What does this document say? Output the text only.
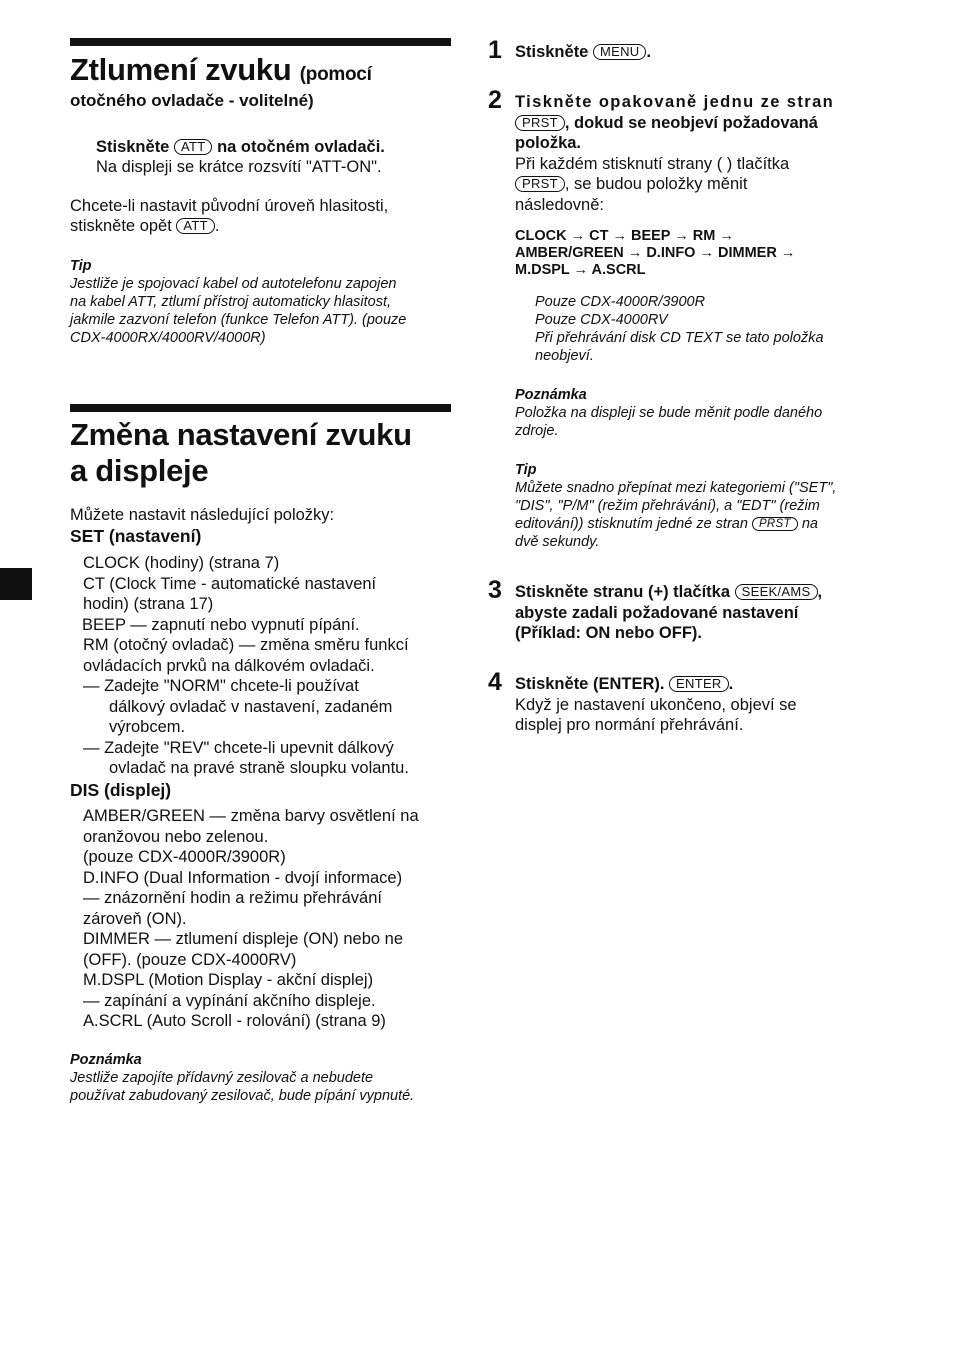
Ztlumení zvuku (pomocí
otočného ovladače - volitelné)
Stiskněte ATT na otočném ovladači.
Na displeji se krátce rozsvítí "ATT-ON".
Chcete-li nastavit původní úroveň hlasitosti,
stiskněte opět ATT .
Tip
Jestliže je spojovací kabel od autotelefonu zapojen
na kabel ATT, ztlumí přístroj automaticky hlasitost,
jakmile zazvoní telefon (funkce Telefon ATT). (pouze
CDX-4000RX/4000RV/4000R)
Změna nastavení zvuku
a displeje
Můžete nastavit následující položky:
SET (nastavení)
CLOCK (hodiny) (strana 7)
CT (Clock Time - automatické nastavení
hodin) (strana 17)
BEEP — zapnutí nebo vypnutí pípání.
RM (otočný ovladač) — změna směru funkcí
ovládacích prvků na dálkovém ovladači.
— Zadejte "NORM" chcete-li používat
dálkový ovladač v nastavení, zadaném
výrobcem.
— Zadejte "REV" chcete-li upevnit dálkový
ovladač na pravé straně sloupku volantu.
DIS (displej)
AMBER/GREEN — změna barvy osvětlení na
oranžovou nebo zelenou.
(pouze CDX-4000R/3900R)
D.INFO (Dual Information - dvojí informace)
— znázornění hodin a režimu přehrávání
zároveň (ON).
DIMMER — ztlumení displeje (ON) nebo ne
(OFF). (pouze CDX-4000RV)
M.DSPL (Motion Display - akční displej)
— zapínání a vypínání akčního displeje.
A.SCRL (Auto Scroll - rolování) (strana 9)
Poznámka
Jestliže zapojíte přídavný zesilovač a nebudete
používat zabudovaný zesilovač, bude pípání vypnuté.
1 Stiskněte MENU .
2 Tiskněte opakovaně jednu ze stran
PRST , dokud se neobjeví požadovaná
položka.
Při každém stisknutí strany ( ) tlačítka
PRST , se budou položky měnit
následovně:
CLOCK → CT → BEEP → RM →
AMBER/GREEN → D.INFO → DIMMER →
M.DSPL → A.SCRL
Pouze CDX-4000R/3900R
Pouze CDX-4000RV
Při přehrávání disk CD TEXT se tato položka
neobjeví.
Poznámka
Položka na displeji se bude měnit podle daného
zdroje.
Tip
Můžete snadno přepínat mezi kategoriemi ("SET",
"DIS", "P/M" (režim přehrávání), a "EDT" (režim
editování)) stisknutím jedné ze stran PRST na
dvě sekundy.
3 Stiskněte stranu (+) tlačítka SEEK/AMS ,
abyste zadali požadované nastavení
(Příklad: ON nebo OFF).
4 Stiskněte (ENTER). ENTER .
Když je nastavení ukončeno, objeví se
displej pro normání přehrávání.
